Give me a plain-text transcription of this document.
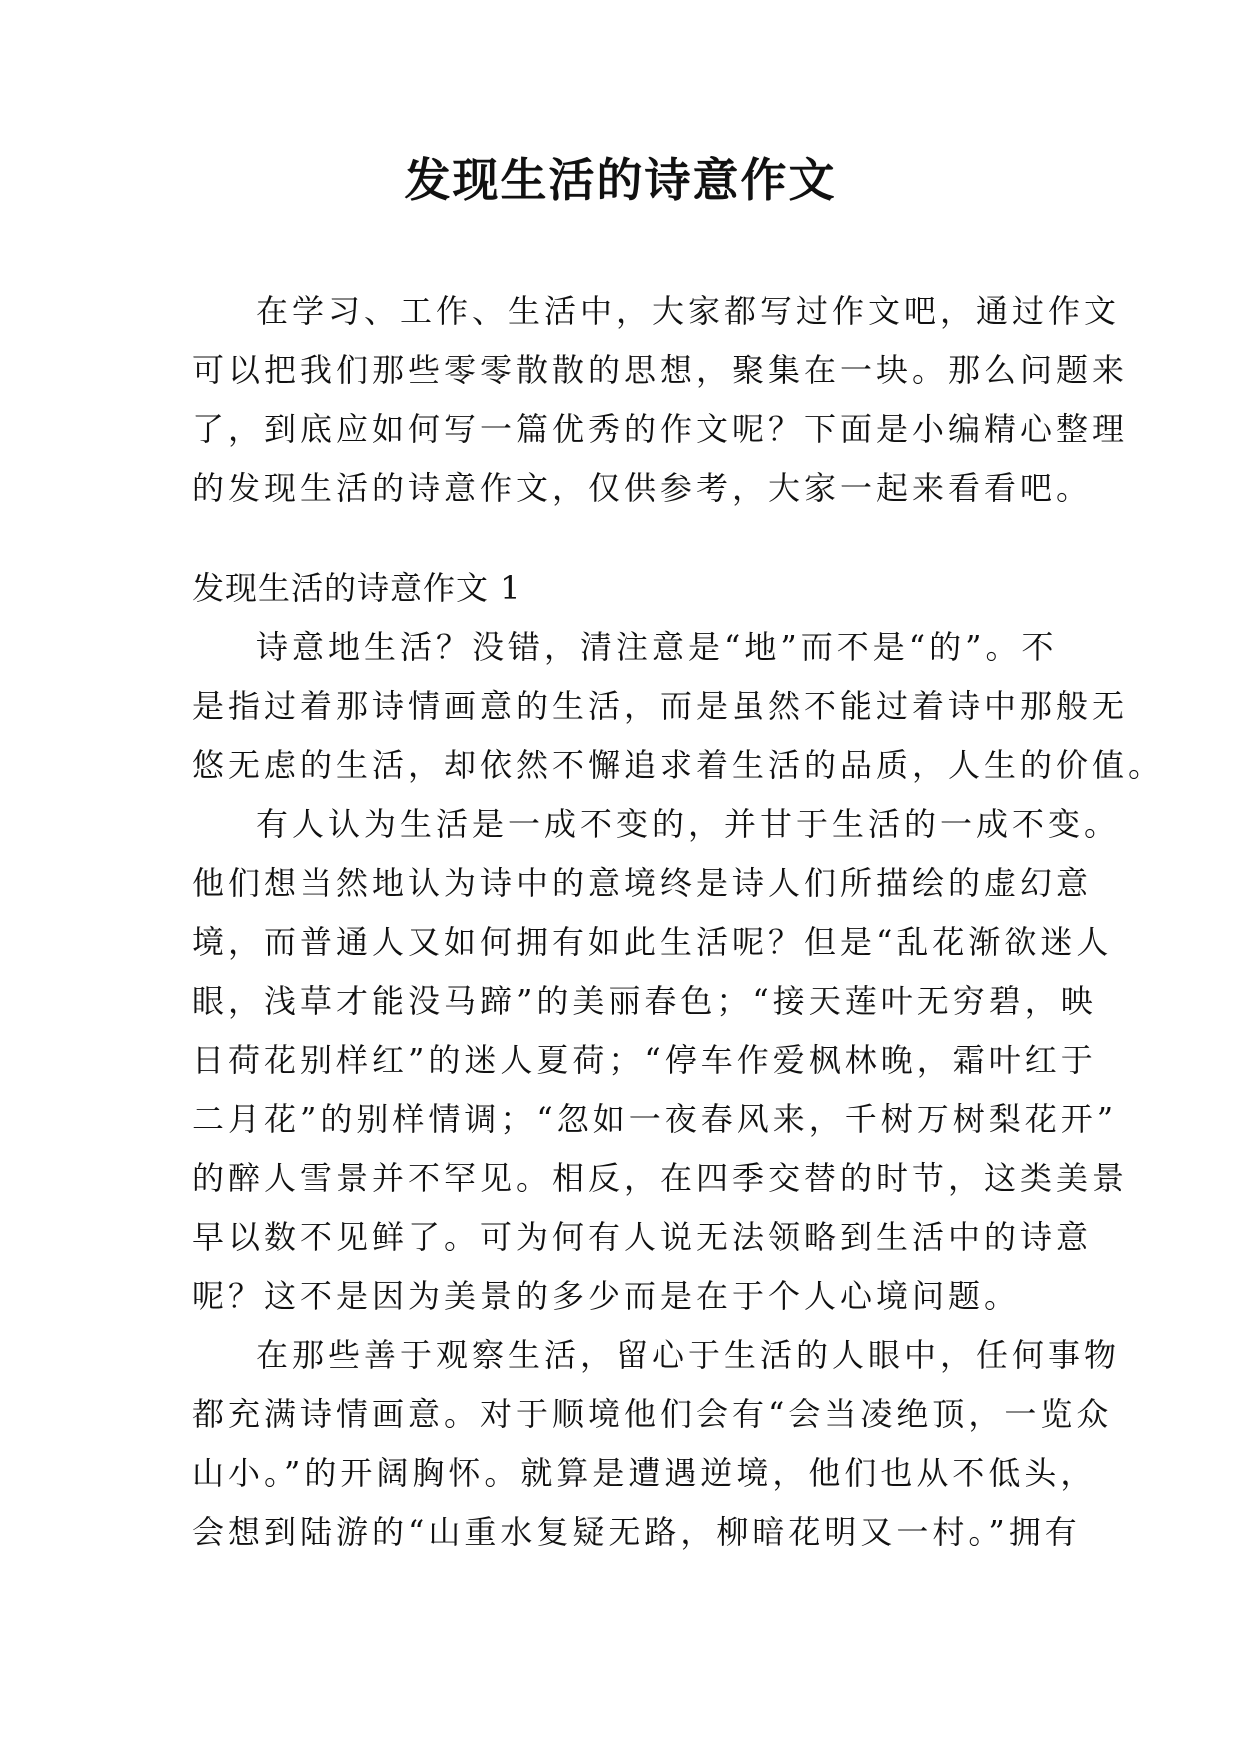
发现生活的诗意作文
在学习、工作、生活中，大家都写过作文吧，通过作文
可以把我们那些零零散散的思想，聚集在一块。那么问题来
了，到底应如何写一篇优秀的作文呢？下面是小编精心整理
的发现生活的诗意作文，仅供参考，大家一起来看看吧。
发现生活的诗意作文 1
诗意地生活？没错，清注意是“地”而不是“的”。不
是指过着那诗情画意的生活，而是虽然不能过着诗中那般无
悠无虑的生活，却依然不懈追求着生活的品质，人生的价值。
有人认为生活是一成不变的，并甘于生活的一成不变。
他们想当然地认为诗中的意境终是诗人们所描绘的虚幻意
境，而普通人又如何拥有如此生活呢？但是“乱花渐欲迷人
眼，浅草才能没马蹄”的美丽春色；“接天莲叶无穷碧，映
日荷花别样红”的迷人夏荷；“停车作爱枫林晚，霜叶红于
二月花”的别样情调；“忽如一夜春风来，千树万树梨花开”
的醉人雪景并不罕见。相反，在四季交替的时节，这类美景
早以数不见鲜了。可为何有人说无法领略到生活中的诗意
呢？这不是因为美景的多少而是在于个人心境问题。
在那些善于观察生活，留心于生活的人眼中，任何事物
都充满诗情画意。对于顺境他们会有“会当凌绝顶，一览众
山小。”的开阔胸怀。就算是遭遇逆境，他们也从不低头，
会想到陆游的“山重水复疑无路，柳暗花明又一村。”拥有
